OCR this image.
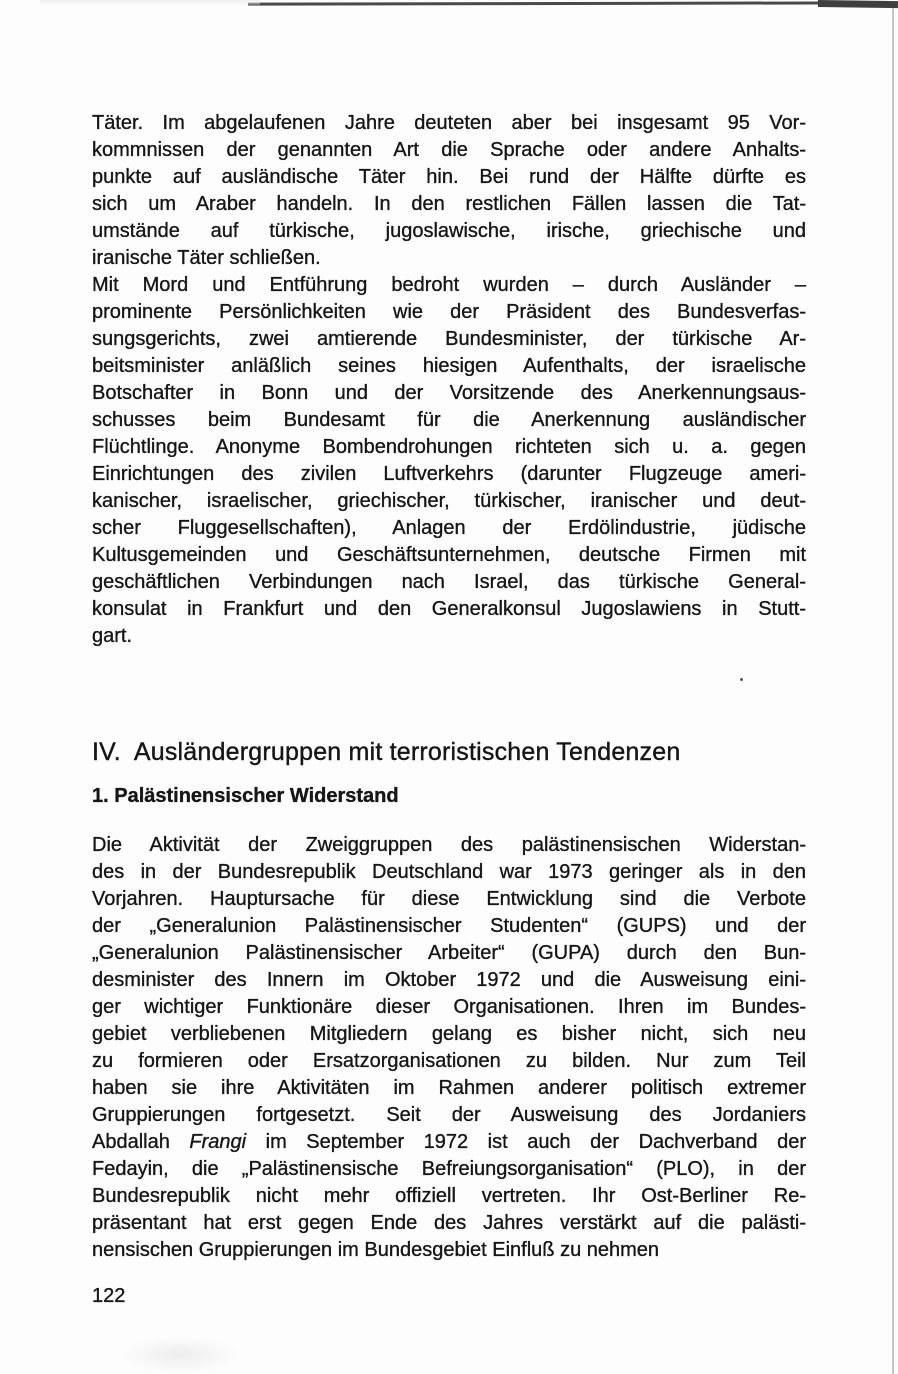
Täter. Im abgelaufenen Jahre deuteten aber bei insgesamt 95 Vor-
kommnissen der genannten Art die Sprache oder andere Anhalts-
punkte auf ausländische Täter hin. Bei rund der Hälfte dürfte es
sich um Araber handeln. In den restlichen Fällen lassen die Tat-
umstände auf türkische, jugoslawische, irische, griechische und
iranische Täter schließen.
Mit Mord und Entführung bedroht wurden – durch Ausländer –
prominente Persönlichkeiten wie der Präsident des Bundesverfas-
sungsgerichts, zwei amtierende Bundesminister, der türkische Ar-
beitsminister anläßlich seines hiesigen Aufenthalts, der israelische
Botschafter in Bonn und der Vorsitzende des Anerkennungsaus-
schusses beim Bundesamt für die Anerkennung ausländischer
Flüchtlinge. Anonyme Bombendrohungen richteten sich u. a. gegen
Einrichtungen des zivilen Luftverkehrs (darunter Flugzeuge ameri-
kanischer, israelischer, griechischer, türkischer, iranischer und deut-
scher Fluggesellschaften), Anlagen der Erdölindustrie, jüdische
Kultusgemeinden und Geschäftsunternehmen, deutsche Firmen mit
geschäftlichen Verbindungen nach Israel, das türkische General-
konsulat in Frankfurt und den Generalkonsul Jugoslawiens in Stutt-
gart.
IV. Ausländergruppen mit terroristischen Tendenzen
1. Palästinensischer Widerstand
Die Aktivität der Zweiggruppen des palästinensischen Widerstan-
des in der Bundesrepublik Deutschland war 1973 geringer als in den
Vorjahren. Hauptursache für diese Entwicklung sind die Verbote
der „Generalunion Palästinensischer Studenten“ (GUPS) und der
„Generalunion Palästinensischer Arbeiter“ (GUPA) durch den Bun-
desminister des Innern im Oktober 1972 und die Ausweisung eini-
ger wichtiger Funktionäre dieser Organisationen. Ihren im Bundes-
gebiet verbliebenen Mitgliedern gelang es bisher nicht, sich neu
zu formieren oder Ersatzorganisationen zu bilden. Nur zum Teil
haben sie ihre Aktivitäten im Rahmen anderer politisch extremer
Gruppierungen fortgesetzt. Seit der Ausweisung des Jordaniers
Abdallah Frangi im September 1972 ist auch der Dachverband der
Fedayin, die „Palästinensische Befreiungsorganisation“ (PLO), in der
Bundesrepublik nicht mehr offiziell vertreten. Ihr Ost-Berliner Re-
präsentant hat erst gegen Ende des Jahres verstärkt auf die palästi-
nensischen Gruppierungen im Bundesgebiet Einfluß zu nehmen
122
